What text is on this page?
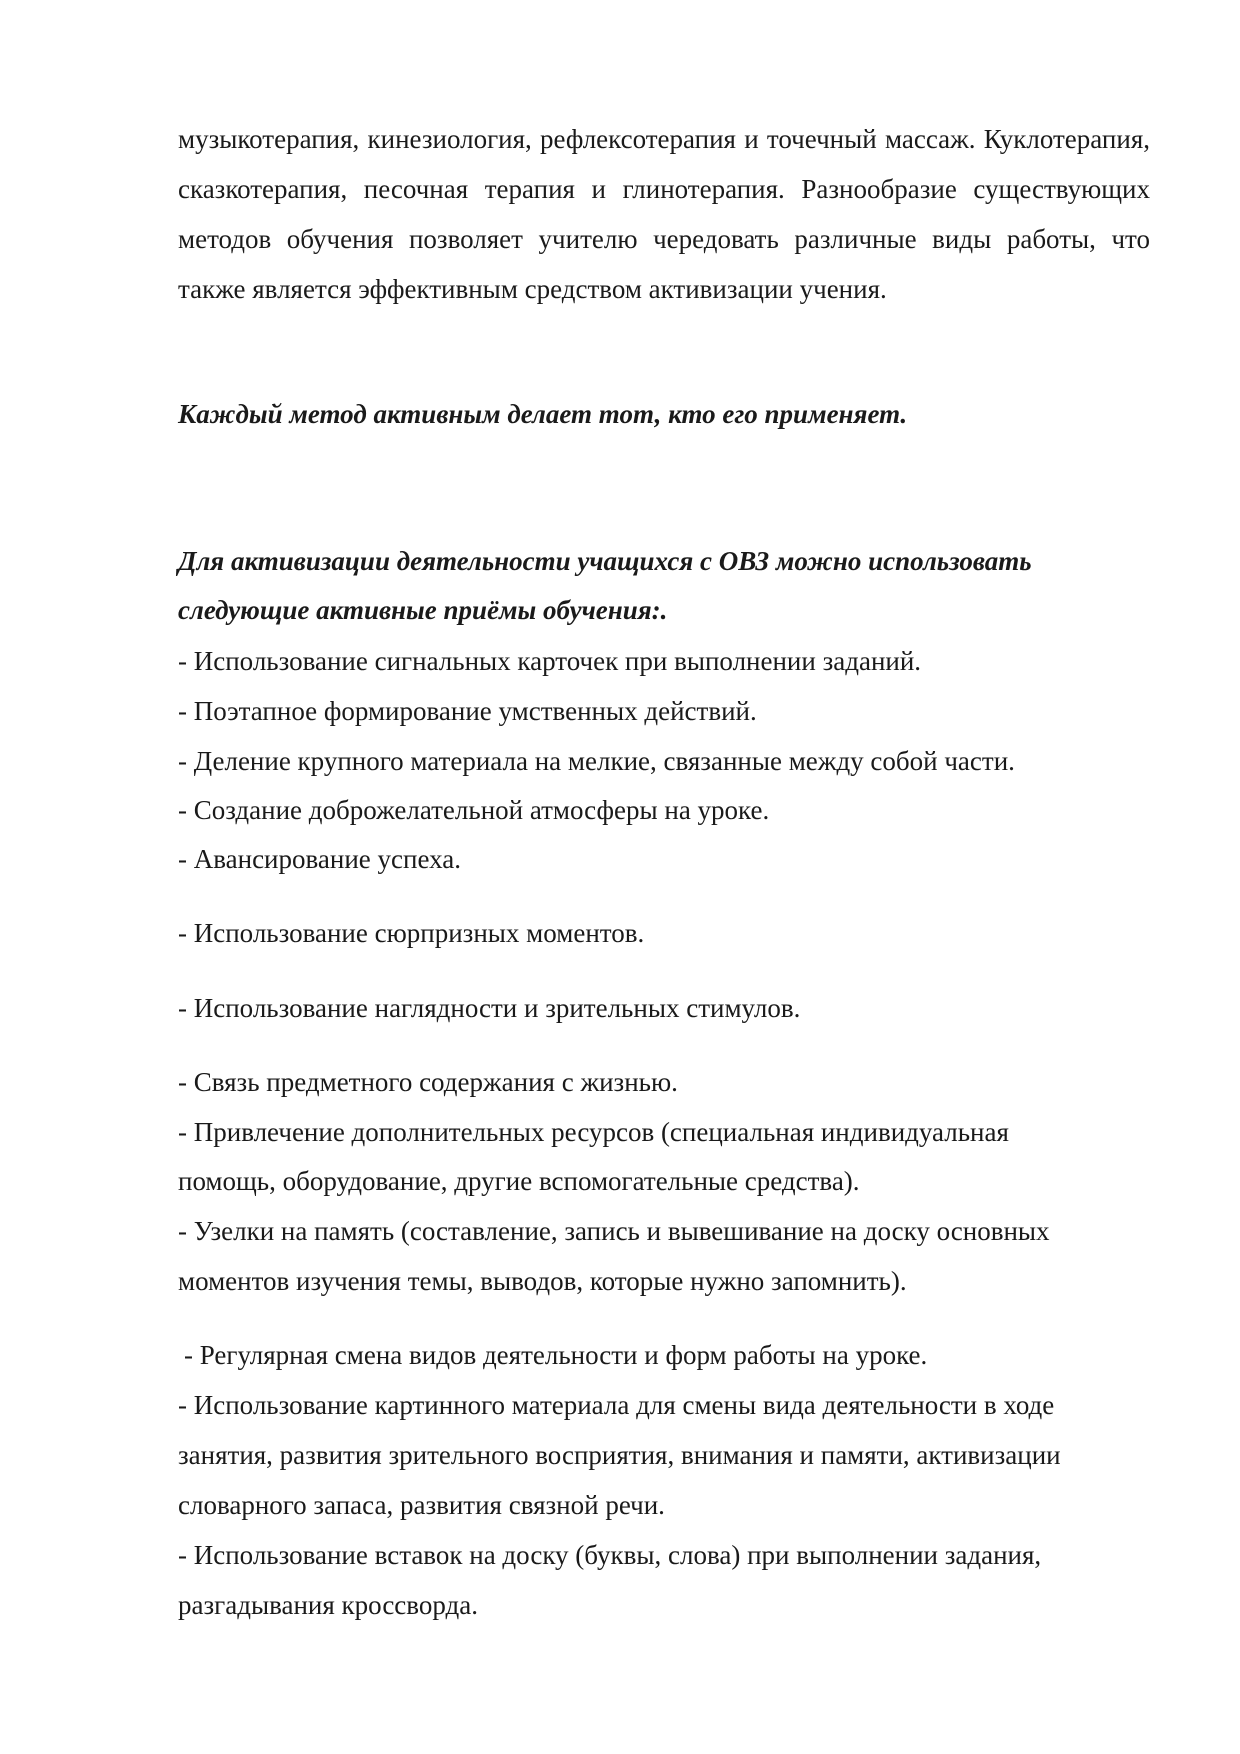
музыкотерапия, кинезиология, рефлексотерапия и точечный массаж. Куклотерапия, сказкотерапия, песочная терапия и глинотерапия. Разнообразие существующих методов обучения позволяет учителю чередовать различные виды работы, что также является эффективным средством активизации учения.

Каждый метод активным делает тот, кто его применяет.

Для активизации деятельности учащихся с ОВЗ можно использовать

следующие активные приёмы обучения:.

- Использование сигнальных карточек при выполнении заданий.

- Поэтапное формирование умственных действий.

- Деление крупного материала на мелкие, связанные между собой части.

- Создание доброжелательной атмосферы на уроке.

- Авансирование успеха.

- Использование сюрпризных моментов.

- Использование наглядности и зрительных стимулов.

- Связь предметного содержания с жизнью.

- Привлечение дополнительных ресурсов (специальная индивидуальная

помощь, оборудование, другие вспомогательные средства).

- Узелки на память (составление, запись и вывешивание на доску основных

моментов изучения темы, выводов, которые нужно запомнить).

- Регулярная смена видов деятельности и форм работы на уроке.

- Использование картинного материала для смены вида деятельности в ходе

занятия, развития зрительного восприятия, внимания и памяти, активизации

словарного запаса, развития связной речи.

- Использование вставок на доску (буквы, слова) при выполнении задания,

разгадывания кроссворда.
